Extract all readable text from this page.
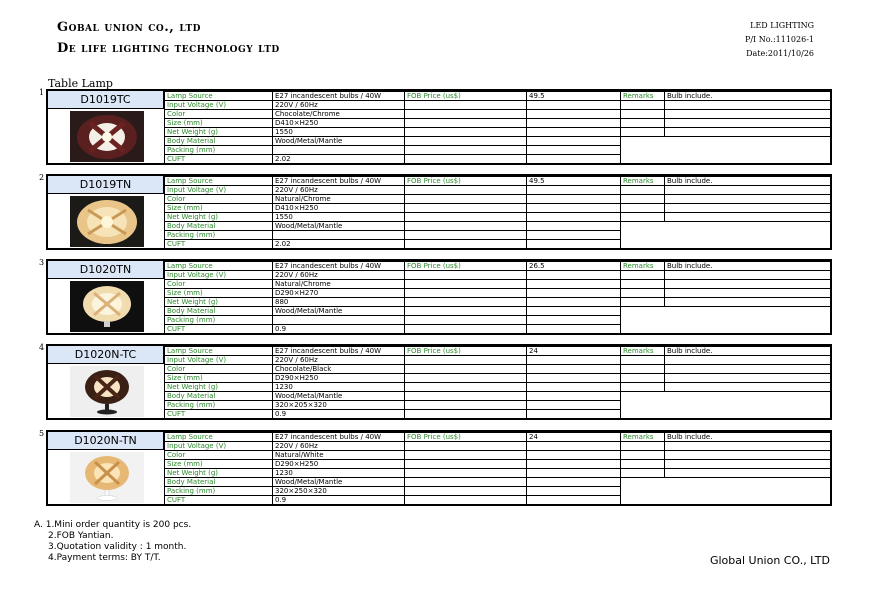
Gobal union co., ltd
De life lighting technology ltd
LED LIGHTING
P/I No.:111026-1
Date:2011/10/26
Table Lamp
1
D1019TC	Lamp Source	E27 incandescent bulbs / 40W	FOB Price (us$)	49.5	Remarks	Bulb include.
Input Voltage (V)	220V / 60Hz				
Color	Chocolate/Chrome				
Size (mm)	D410×H250				
Net Weight (g)	1550				
Body Material	Wood/Metal/Mantle				
Packing (mm)					
CUFT	2.02				
2
D1019TN	Lamp Source	E27 incandescent bulbs / 40W	FOB Price (us$)	49.5	Remarks	Bulb include.
Input Voltage (V)	220V / 60Hz				
Color	Natural/Chrome				
Size (mm)	D410×H250				
Net Weight (g)	1550				
Body Material	Wood/Metal/Mantle				
Packing (mm)					
CUFT	2.02				
3
D1020TN	Lamp Source	E27 incandescent bulbs / 40W	FOB Price (us$)	26.5	Remarks	Bulb include.
Input Voltage (V)	220V / 60Hz				
Color	Natural/Chrome				
Size (mm)	D290×H270				
Net Weight (g)	880				
Body Material	Wood/Metal/Mantle				
Packing (mm)					
CUFT	0.9				
4
D1020N-TC	Lamp Source	E27 incandescent bulbs / 40W	FOB Price (us$)	24	Remarks	Bulb include.
Input Voltage (V)	220V / 60Hz				
Color	Chocolate/Black				
Size (mm)	D290×H250				
Net Weight (g)	1230				
Body Material	Wood/Metal/Mantle				
Packing (mm)	320×205×320				
CUFT	0.9				
5
D1020N-TN	Lamp Source	E27 incandescent bulbs / 40W	FOB Price (us$)	24	Remarks	Bulb include.
Input Voltage (V)	220V / 60Hz				
Color	Natural/White				
Size (mm)	D290×H250				
Net Weight (g)	1230				
Body Material	Wood/Metal/Mantle				
Packing (mm)	320×250×320				
CUFT	0.9				
A. 1.Mini order quantity is 200 pcs.
2.FOB Yantian.
3.Quotation validity : 1 month.
4.Payment terms: BY T/T.	Global Union CO., LTD
